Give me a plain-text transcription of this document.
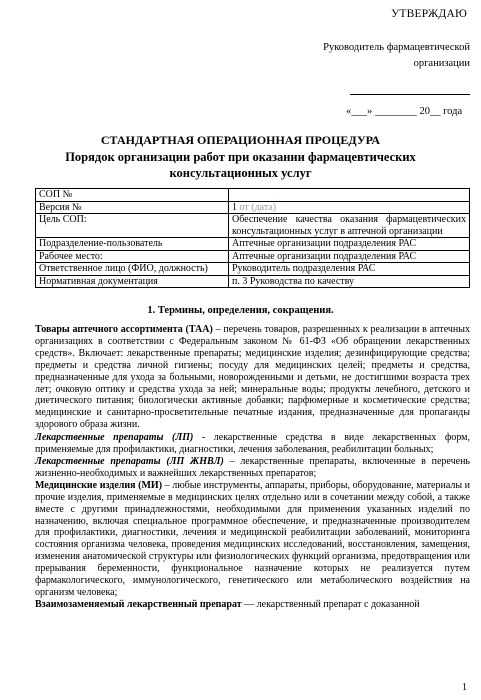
УТВЕРЖДАЮ
Руководитель фармацевтической
организации
«___» ________ 20__ года
СТАНДАРТНАЯ ОПЕРАЦИОННАЯ ПРОЦЕДУРА
Порядок организации работ при оказании фармацевтических консультационных услуг
СОП №	
Версия №	1 от (дата)
Цель СОП:	Обеспечение качества оказания фармацевтических консультационных услуг в аптечной организации
Подразделение-пользователь	Аптечные организации подразделения РАС
Рабочее место:	Аптечные организации подразделения РАС
Ответственное лицо (ФИО, должность)	Руководитель подразделения РАС
Нормативная документация	п. 3 Руководства по качеству
1. Термины, определения, сокращения.

Товары аптечного ассортимента (ТАА) – перечень товаров, разрешенных к реализации в аптечных организациях в соответствии с Федеральным законом № 61-ФЗ «Об обращении лекарственных средств». Включает: лекарственные препараты; медицинские изделия; дезинфицирующие средства; предметы и средства личной гигиены; посуду для медицинских целей; предметы и средства, предназначенные для ухода за больными, новорожденными и детьми, не достигшими возраста трех лет; очковую оптику и средства ухода за ней; минеральные воды; продукты лечебного, детского и диетического питания; биологически активные добавки; парфюмерные и косметические средства; медицинские и санитарно-просветительные печатные издания, предназначенные для пропаганды здорового образа жизни.

Лекарственные препараты (ЛП) - лекарственные средства в виде лекарственных форм, применяемые для профилактики, диагностики, лечения заболевания, реабилитации больных;

Лекарственные препараты (ЛП ЖНВЛ) – лекарственные препараты, включенные в перечень жизненно-необходимых и важнейших лекарственных препаратов;

Медицинские изделия (МИ) – любые инструменты, аппараты, приборы, оборудование, материалы и прочие изделия, применяемые в медицинских целях отдельно или в сочетании между собой, а также вместе с другими принадлежностями, необходимыми для применения указанных изделий по назначению, включая специальное программное обеспечение, и предназначенные производителем для профилактики, диагностики, лечения и медицинской реабилитации заболеваний, мониторинга состояния организма человека, проведения медицинских исследований, восстановления, замещения, изменения анатомической структуры или физиологических функций организма, предотвращения или прерывания беременности, функциональное назначение которых не реализуется путем фармакологического, иммунологического, генетического или метаболического воздействия на организм человека;

Взаимозаменяемый лекарственный препарат — лекарственный препарат с доказанной

1
